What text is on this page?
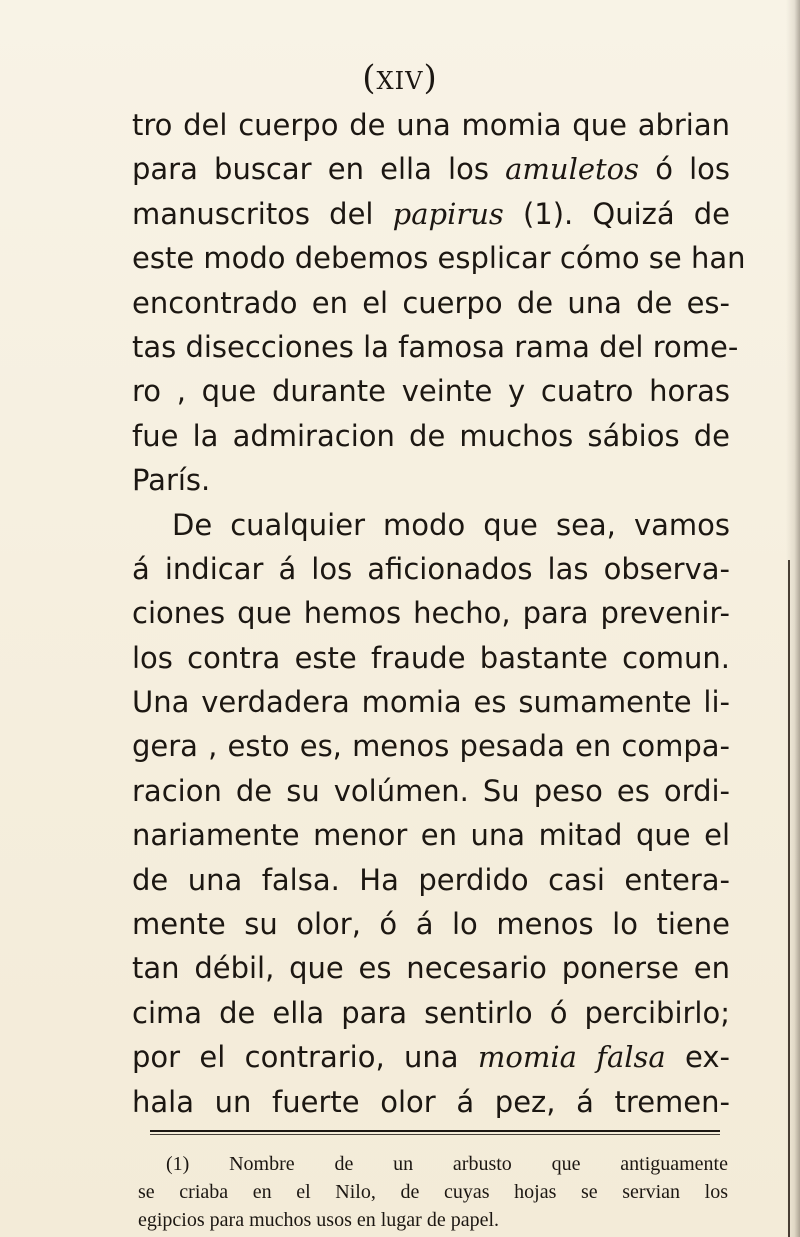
(xiv)
tro del cuerpo de una momia que abrian
para buscar en ella los amuletos ó los
manuscritos del papirus (1). Quizá de
este modo debemos esplicar cómo se han
encontrado en el cuerpo de una de es-
tas disecciones la famosa rama del rome-
ro , que durante veinte y cuatro horas
fue la admiracion de muchos sábios de
París.
De cualquier modo que sea, vamos
á indicar á los aficionados las observa-
ciones que hemos hecho, para prevenir-
los contra este fraude bastante comun.
Una verdadera momia es sumamente li-
gera , esto es, menos pesada en compa-
racion de su volúmen. Su peso es ordi-
nariamente menor en una mitad que el
de una falsa. Ha perdido casi entera-
mente su olor, ó á lo menos lo tiene
tan débil, que es necesario ponerse en
cima de ella para sentirlo ó percibirlo;
por el contrario, una momia falsa ex-
hala un fuerte olor á pez, á tremen-
(1) Nombre de un arbusto que antiguamente
se criaba en el Nilo, de cuyas hojas se servian los
egipcios para muchos usos en lugar de papel.
